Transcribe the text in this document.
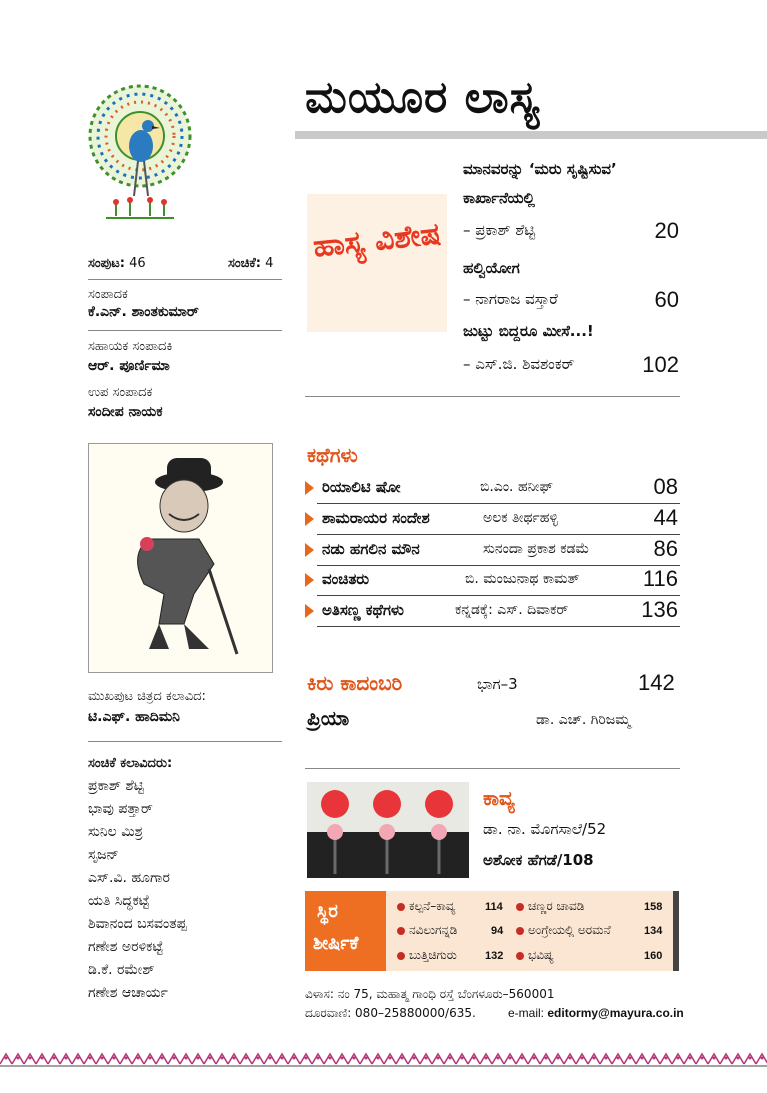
ಮಯೂರ ಲಾಸ್ಯ
ಸಂಪುಟ: 46	ಸಂಚಿಕೆ: 4
ಸಂಪಾದಕ
ಕೆ.ಎನ್. ಶಾಂತಕುಮಾರ್
ಸಹಾಯಕ ಸಂಪಾದಕಿ
ಆರ್. ಪೂರ್ಣಿಮಾ
ಉಪ ಸಂಪಾದಕ
ಸಂದೀಪ ನಾಯಕ
ಮುಖಪುಟ ಚಿತ್ರದ ಕಲಾವಿದ:
ಟಿ.ಎಫ್. ಹಾದಿಮನಿ
ಸಂಚಿಕೆ ಕಲಾವಿದರು:
ಪ್ರಕಾಶ್ ಶೆಟ್ಟಿ
ಭಾವು ಪತ್ತಾರ್
ಸುನಿಲ ಮಿಶ್ರ
ಸೃಜನ್
ಎಸ್.ವಿ. ಹೂಗಾರ
ಯತಿ ಸಿದ್ಧಕಟ್ಟೆ
ಶಿವಾನಂದ ಬಸವಂತಪ್ಪ
ಗಣೇಶ ಅರಳಿಕಟ್ಟೆ
ಡಿ.ಕೆ. ರಮೇಶ್
ಗಣೇಶ ಆಚಾರ್ಯ
ಹಾಸ್ಯ ವಿಶೇಷ
ಮಾನವರನ್ನು ‘ಮರು ಸೃಷ್ಟಿಸುವ’
ಕಾರ್ಖಾನೆಯಲ್ಲಿ
– ಪ್ರಕಾಶ್ ಶೆಟ್ಟಿ	20
ಹಲ್ವಿಯೋಗ
– ನಾಗರಾಜ ವಸ್ತಾರೆ	60
ಜುಟ್ಟು ಬಿದ್ದರೂ ಮೀಸೆ...!
– ಎಸ್.ಜಿ. ಶಿವಶಂಕರ್	102
ಕಥೆಗಳು
ರಿಯಾಲಿಟಿ ಷೋ	ಬಿ.ಎಂ. ಹನೀಫ್	08
ಶಾಮರಾಯರ ಸಂದೇಶ	ಅಲಕ ತೀರ್ಥಹಳ್ಳಿ	44
ನಡು ಹಗಲಿನ ಮೌನ	ಸುನಂದಾ ಪ್ರಕಾಶ ಕಡಮೆ	86
ವಂಚಿತರು	ಬಿ. ಮಂಜುನಾಥ ಕಾಮತ್	116
ಅತಿಸಣ್ಣ ಕಥೆಗಳು	ಕನ್ನಡಕ್ಕೆ: ಎಸ್. ದಿವಾಕರ್	136
ಕಿರು ಕಾದಂಬರಿ	ಭಾಗ–3	142
ಪ್ರಿಯಾ	ಡಾ. ಎಚ್. ಗಿರಿಜಮ್ಮ
ಕಾವ್ಯ
ಡಾ. ನಾ. ಮೊಗಸಾಲೆ/52
ಅಶೋಕ ಹೆಗಡೆ/108
ಸ್ಥಿರ
ಶೀರ್ಷಿಕೆ
ಕಲ್ಪನೆ–ಕಾವ್ಯ	114	ಚಣ್ಣರ ಚಾವಡಿ	158
ನವಿಲುಗನ್ನಡಿ	94	ಅಂಗ್ರೇಯಲ್ಲಿ ಅರಮನೆ	134
ಬುತ್ತಿಚಿಗುರು	132	ಭವಿಷ್ಯ	160
ವಿಳಾಸ: ನಂ 75, ಮಹಾತ್ಮ ಗಾಂಧಿ ರಸ್ತೆ ಬೆಂಗಳೂರು–560001
ದೂರವಾಣಿ: 080–25880000/635.	e-mail: editormy@mayura.co.in
